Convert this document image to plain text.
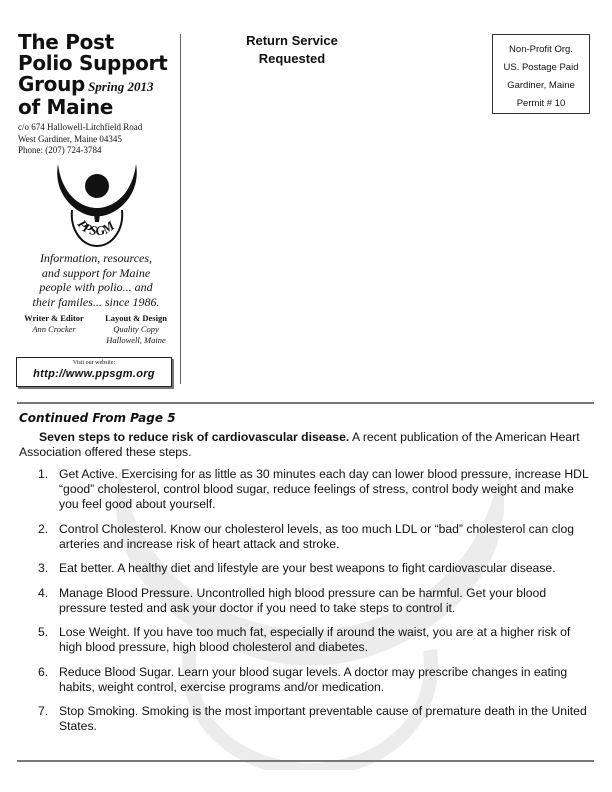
The Post
Polio Support
Group Spring 2013
of Maine
c/o 674 Hallowell-Litchfield Road
West Gardiner, Maine 04345
Phone: (207) 724-3784
PPSGM
Information, resources,
and support for Maine
people with polio... and
their familes... since 1986.
Writer & Editor
Ann Crocker
Layout & Design
Quality Copy
Hallowell, Maine
Visit our website:
http://www.ppsgm.org
Return Service
Requested
Non-Profit Org.
US. Postage Paid
Gardiner, Maine
Permit # 10
Continued From Page 5
Seven steps to reduce risk of cardiovascular disease. A recent publication of the American Heart Association offered these steps.
1. Get Active. Exercising for as little as 30 minutes each day can lower blood pressure, increase HDL “good” cholesterol, control blood sugar, reduce feelings of stress, control body weight and make you feel good about yourself.
2. Control Cholesterol. Know our cholesterol levels, as too much LDL or “bad” cholesterol can clog arteries and increase risk of heart attack and stroke.
3. Eat better. A healthy diet and lifestyle are your best weapons to fight cardiovascular disease.
4. Manage Blood Pressure. Uncontrolled high blood pressure can be harmful. Get your blood pressure tested and ask your doctor if you need to take steps to control it.
5. Lose Weight. If you have too much fat, especially if around the waist, you are at a higher risk of high blood pressure, high blood cholesterol and diabetes.
6. Reduce Blood Sugar. Learn your blood sugar levels. A doctor may prescribe changes in eating habits, weight control, exercise programs and/or medication.
7. Stop Smoking. Smoking is the most important preventable cause of premature death in the United States.
